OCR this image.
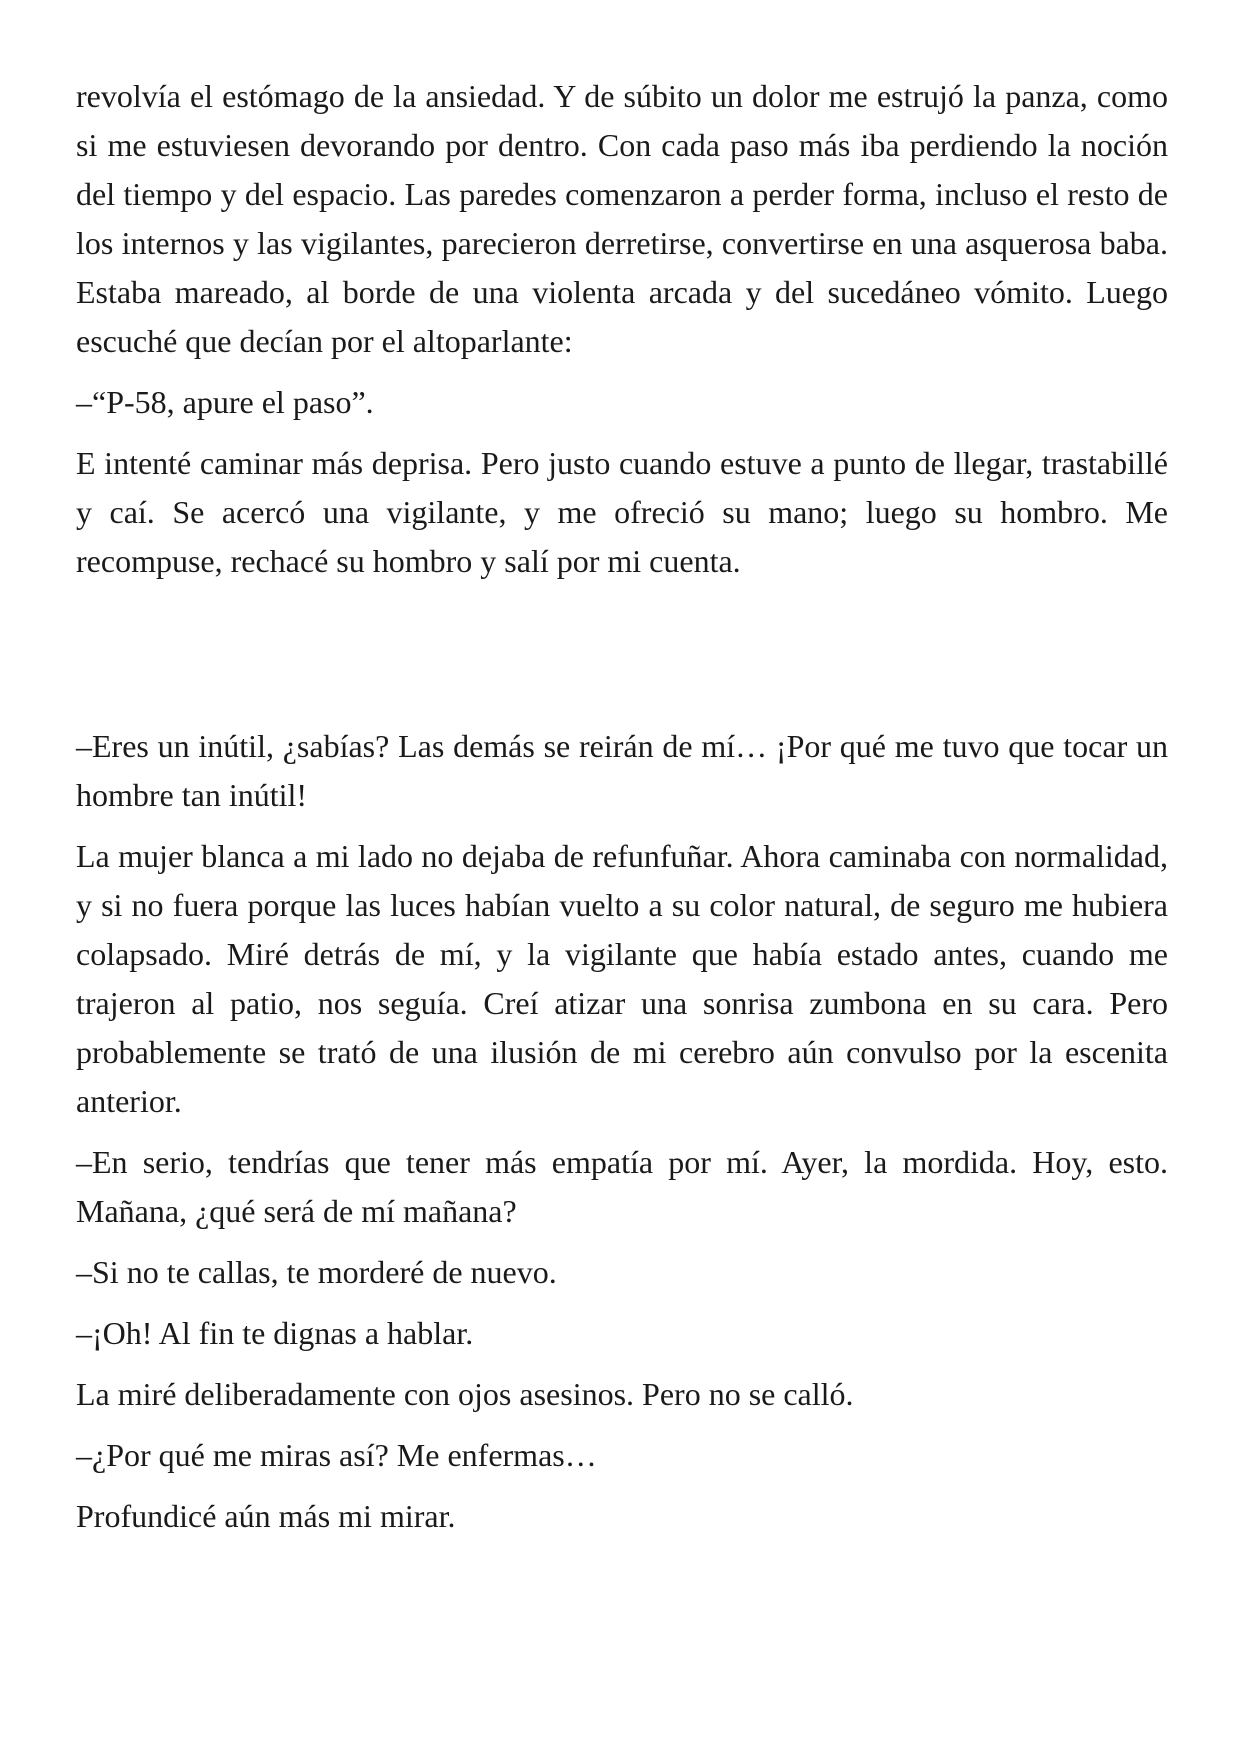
revolvía el estómago de la ansiedad. Y de súbito un dolor me estrujó la panza, como si me estuviesen devorando por dentro. Con cada paso más iba perdiendo la noción del tiempo y del espacio. Las paredes comenzaron a perder forma, incluso el resto de los internos y las vigilantes, parecieron derretirse, convertirse en una asquerosa baba. Estaba mareado, al borde de una violenta arcada y del sucedáneo vómito. Luego escuché que decían por el altoparlante:

–“P-58, apure el paso”.

E intenté caminar más deprisa. Pero justo cuando estuve a punto de llegar, trastabillé y caí. Se acercó una vigilante, y me ofreció su mano; luego su hombro. Me recompuse, rechacé su hombro y salí por mi cuenta.

–Eres un inútil, ¿sabías? Las demás se reirán de mí… ¡Por qué me tuvo que tocar un hombre tan inútil!

La mujer blanca a mi lado no dejaba de refunfuñar. Ahora caminaba con normalidad, y si no fuera porque las luces habían vuelto a su color natural, de seguro me hubiera colapsado. Miré detrás de mí, y la vigilante que había estado antes, cuando me trajeron al patio, nos seguía. Creí atizar una sonrisa zumbona en su cara. Pero probablemente se trató de una ilusión de mi cerebro aún convulso por la escenita anterior.

–En serio, tendrías que tener más empatía por mí. Ayer, la mordida. Hoy, esto. Mañana, ¿qué será de mí mañana?

–Si no te callas, te morderé de nuevo.

–¡Oh! Al fin te dignas a hablar.

La miré deliberadamente con ojos asesinos. Pero no se calló.

–¿Por qué me miras así? Me enfermas…

Profundicé aún más mi mirar.
